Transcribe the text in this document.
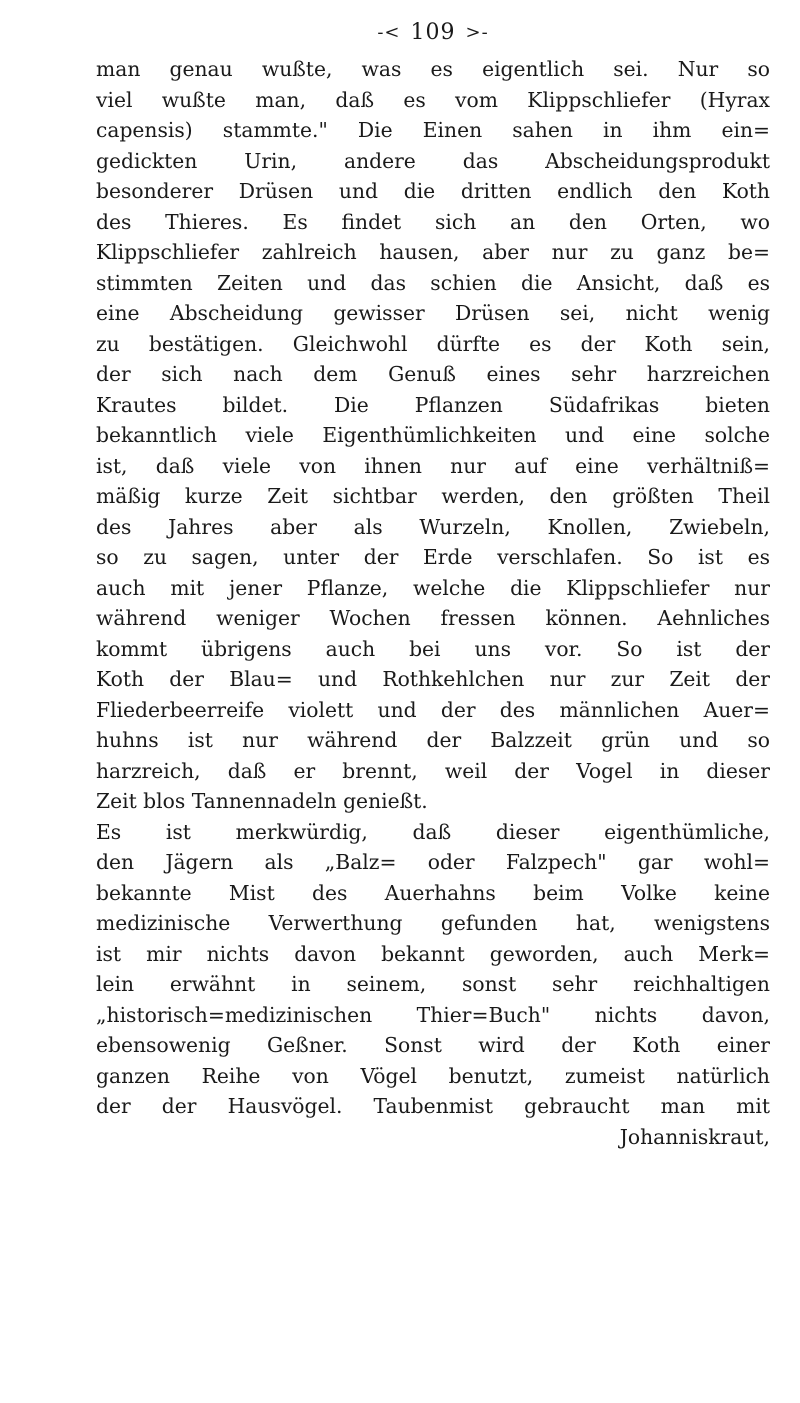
-< 109 >-
man genau wußte, was es eigentlich sei. Nur so
viel wußte man, daß es vom Klippschliefer (Hyrax
capensis) stammte." Die Einen sahen in ihm ein=
gedickten Urin, andere das Abscheidungsprodukt
besonderer Drüsen und die dritten endlich den Koth
des Thieres. Es findet sich an den Orten, wo
Klippschliefer zahlreich hausen, aber nur zu ganz be=
stimmten Zeiten und das schien die Ansicht, daß es
eine Abscheidung gewisser Drüsen sei, nicht wenig
zu bestätigen. Gleichwohl dürfte es der Koth sein,
der sich nach dem Genuß eines sehr harzreichen
Krautes bildet. Die Pflanzen Südafrikas bieten
bekanntlich viele Eigenthümlichkeiten und eine solche
ist, daß viele von ihnen nur auf eine verhältniß=
mäßig kurze Zeit sichtbar werden, den größten Theil
des Jahres aber als Wurzeln, Knollen, Zwiebeln,
so zu sagen, unter der Erde verschlafen. So ist es
auch mit jener Pflanze, welche die Klippschliefer nur
während weniger Wochen fressen können. Aehnliches
kommt übrigens auch bei uns vor. So ist der
Koth der Blau= und Rothkehlchen nur zur Zeit der
Fliederbeerreife violett und der des männlichen Auer=
huhns ist nur während der Balzzeit grün und so
harzreich, daß er brennt, weil der Vogel in dieser
Zeit blos Tannennadeln genießt.
Es ist merkwürdig, daß dieser eigenthümliche,
den Jägern als „Balz= oder Falzpech" gar wohl=
bekannte Mist des Auerhahns beim Volke keine
medizinische Verwerthung gefunden hat, wenigstens
ist mir nichts davon bekannt geworden, auch Merk=
lein erwähnt in seinem, sonst sehr reichhaltigen
„historisch=medizinischen Thier=Buch" nichts davon,
ebensowenig Geßner. Sonst wird der Koth einer
ganzen Reihe von Vögel benutzt, zumeist natürlich
der der Hausvögel. Taubenmist gebraucht man mit
Johanniskraut,
